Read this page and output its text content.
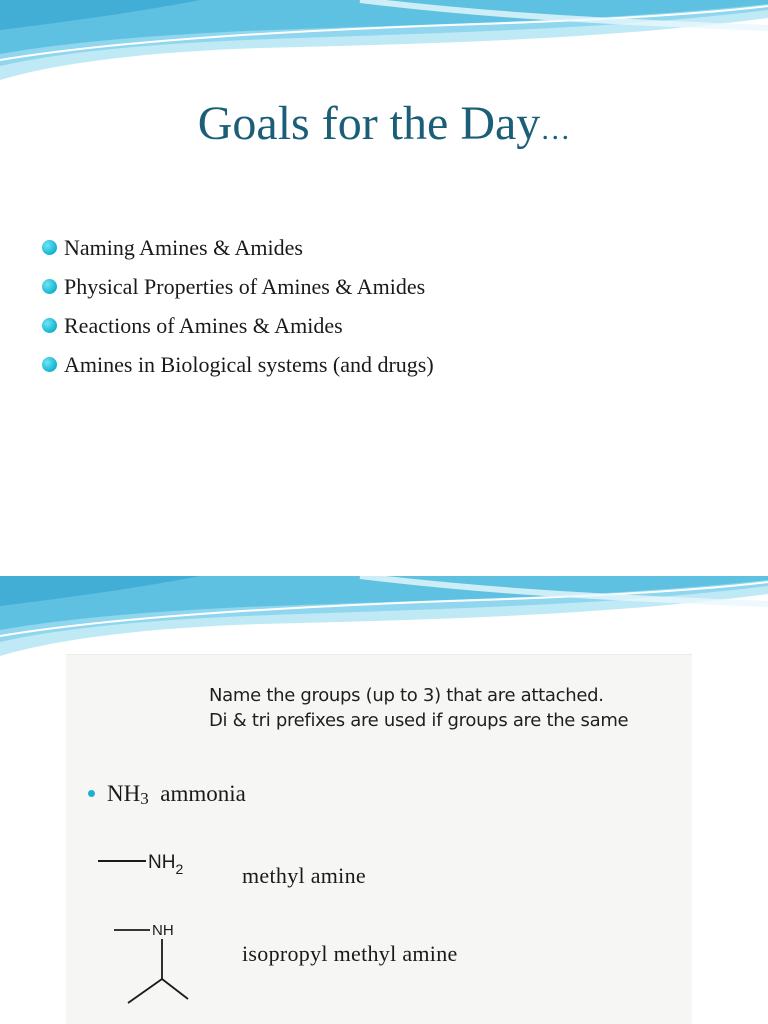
Goals for the Day…
Naming Amines & Amides
Physical Properties of Amines & Amides
Reactions of Amines & Amides
Amines in Biological systems (and drugs)
Name the groups (up to 3) that are attached.
Di & tri prefixes are used if groups are the same
$NH_3$ ammonia
$NH_2$	methyl amine
NH
isopropyl methyl amine
